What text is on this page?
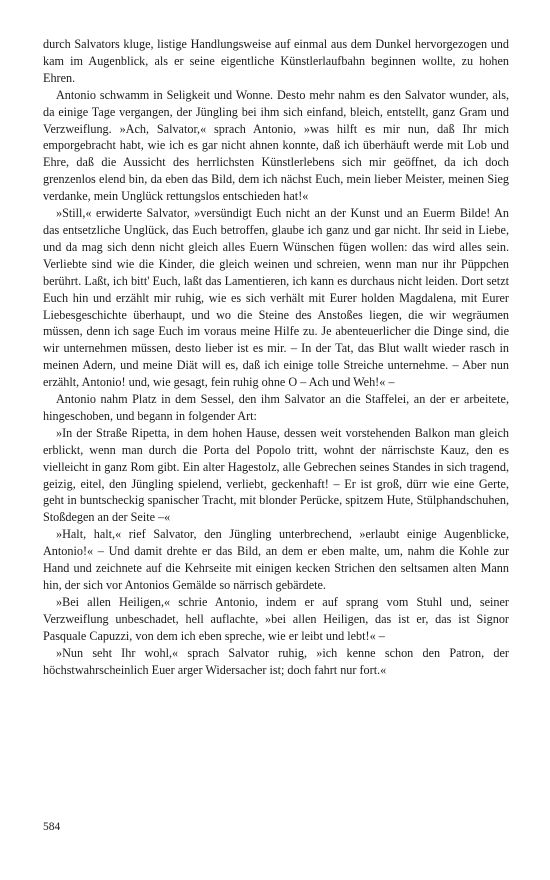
durch Salvators kluge, listige Handlungsweise auf einmal aus dem Dunkel hervorgezogen und kam im Augenblick, als er seine eigentliche Künstlerlaufbahn beginnen wollte, zu hohen Ehren.

Antonio schwamm in Seligkeit und Wonne. Desto mehr nahm es den Salvator wunder, als, da einige Tage vergangen, der Jüngling bei ihm sich einfand, bleich, entstellt, ganz Gram und Verzweiflung. »Ach, Salvator,« sprach Antonio, »was hilft es mir nun, daß Ihr mich emporgebracht habt, wie ich es gar nicht ahnen konnte, daß ich überhäuft werde mit Lob und Ehre, daß die Aussicht des herrlichsten Künstlerlebens sich mir geöffnet, da ich doch grenzenlos elend bin, da eben das Bild, dem ich nächst Euch, mein lieber Meister, meinen Sieg verdanke, mein Unglück rettungslos entschieden hat!«

»Still,« erwiderte Salvator, »versündigt Euch nicht an der Kunst und an Euerm Bilde! An das entsetzliche Unglück, das Euch betroffen, glaube ich ganz und gar nicht. Ihr seid in Liebe, und da mag sich denn nicht gleich alles Euern Wünschen fügen wollen: das wird alles sein. Verliebte sind wie die Kinder, die gleich weinen und schreien, wenn man nur ihr Püppchen berührt. Laßt, ich bitt' Euch, laßt das Lamentieren, ich kann es durchaus nicht leiden. Dort setzt Euch hin und erzählt mir ruhig, wie es sich verhält mit Eurer holden Magdalena, mit Eurer Liebesgeschichte überhaupt, und wo die Steine des Anstoßes liegen, die wir wegräumen müssen, denn ich sage Euch im voraus meine Hilfe zu. Je abenteuerlicher die Dinge sind, die wir unternehmen müssen, desto lieber ist es mir. – In der Tat, das Blut wallt wieder rasch in meinen Adern, und meine Diät will es, daß ich einige tolle Streiche unternehme. – Aber nun erzählt, Antonio! und, wie gesagt, fein ruhig ohne O – Ach und Weh!« –

Antonio nahm Platz in dem Sessel, den ihm Salvator an die Staffelei, an der er arbeitete, hingeschoben, und begann in folgender Art:

»In der Straße Ripetta, in dem hohen Hause, dessen weit vorstehenden Balkon man gleich erblickt, wenn man durch die Porta del Popolo tritt, wohnt der närrischste Kauz, den es vielleicht in ganz Rom gibt. Ein alter Hagestolz, alle Gebrechen seines Standes in sich tragend, geizig, eitel, den Jüngling spielend, verliebt, geckenhaft! – Er ist groß, dürr wie eine Gerte, geht in buntscheckig spanischer Tracht, mit blonder Perücke, spitzem Hute, Stülphandschuhen, Stoßdegen an der Seite –«

»Halt, halt,« rief Salvator, den Jüngling unterbrechend, »erlaubt einige Augenblicke, Antonio!« – Und damit drehte er das Bild, an dem er eben malte, um, nahm die Kohle zur Hand und zeichnete auf die Kehrseite mit einigen kecken Strichen den seltsamen alten Mann hin, der sich vor Antonios Gemälde so närrisch gebärdete.

»Bei allen Heiligen,« schrie Antonio, indem er auf sprang vom Stuhl und, seiner Verzweiflung unbeschadet, hell auflachte, »bei allen Heiligen, das ist er, das ist Signor Pasquale Capuzzi, von dem ich eben spreche, wie er leibt und lebt!« –

»Nun seht Ihr wohl,« sprach Salvator ruhig, »ich kenne schon den Patron, der höchstwahrscheinlich Euer arger Widersacher ist; doch fahrt nur fort.«

584
